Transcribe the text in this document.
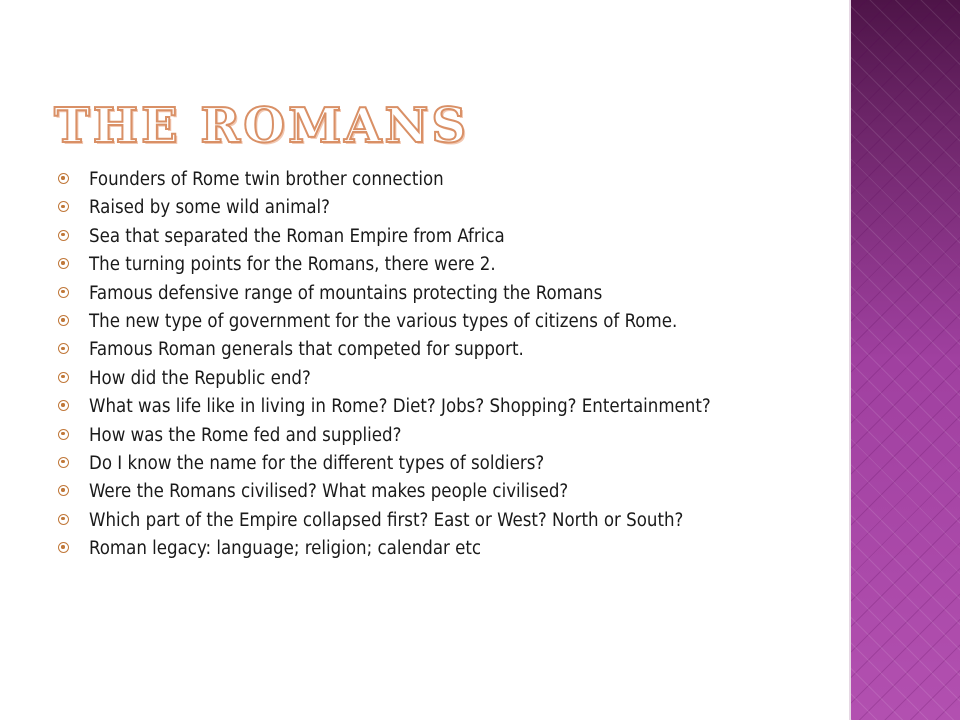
THE ROMANS
Founders of Rome twin brother connection
Raised by some wild animal?
Sea that separated the Roman Empire from Africa
The turning points for the Romans, there were 2.
Famous defensive range of mountains protecting the Romans
The new type of government for the various types of citizens of Rome.
Famous Roman generals that competed for support.
How did the Republic end?
What was life like in living in Rome? Diet? Jobs? Shopping? Entertainment?
How was the Rome fed and supplied?
Do I know the name for the different types of soldiers?
Were the Romans civilised? What makes people civilised?
Which part of the Empire collapsed first? East or West? North or South?
Roman legacy: language; religion; calendar etc
